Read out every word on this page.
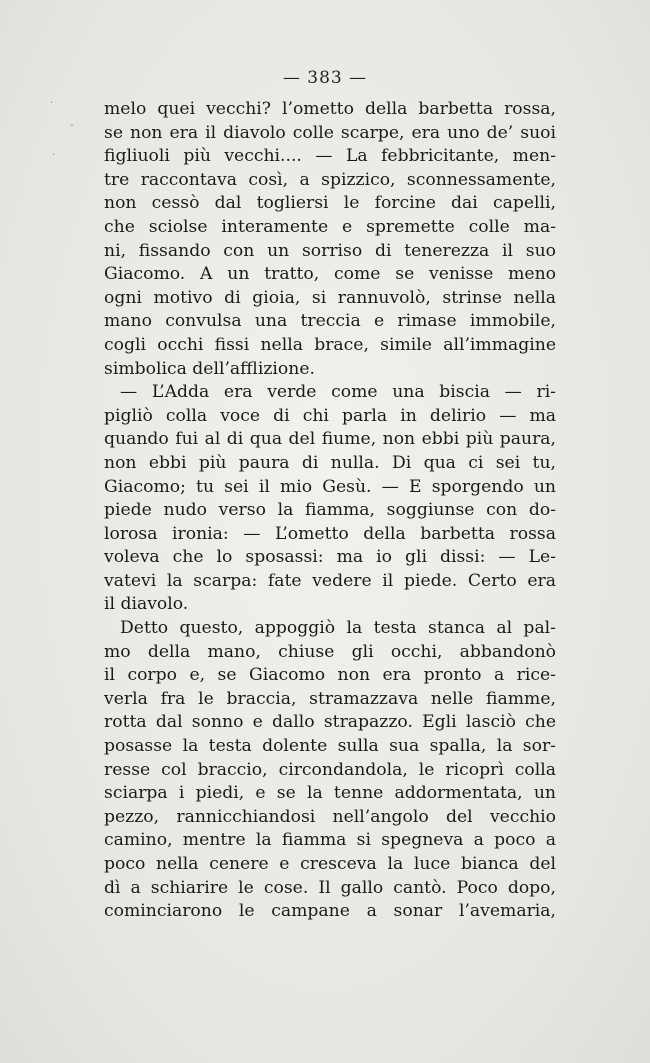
·
·
-
— 383 —
melo quei vecchi? l’ometto della barbetta rossa,
se non era il diavolo colle scarpe, era uno de’ suoi
figliuoli più vecchi.... — La febbricitante, men-
tre raccontava così, a spizzico, sconnessamente,
non cessò dal togliersi le forcine dai capelli,
che sciolse interamente e spremette colle ma-
ni, fissando con un sorriso di tenerezza il suo
Giacomo. A un tratto, come se venisse meno
ogni motivo di gioia, si rannuvolò, strinse nella
mano convulsa una treccia e rimase immobile,
cogli occhi fissi nella brace, simile all’immagine
simbolica dell’afflizione.
— L’Adda era verde come una biscia — ri-
pigliò colla voce di chi parla in delirio — ma
quando fui al di qua del fiume, non ebbi più paura,
non ebbi più paura di nulla. Di qua ci sei tu,
Giacomo; tu sei il mio Gesù. — E sporgendo un
piede nudo verso la fiamma, soggiunse con do-
lorosa ironia: — L’ometto della barbetta rossa
voleva che lo sposassi: ma io gli dissi: — Le-
vatevi la scarpa: fate vedere il piede. Certo era
il diavolo.
Detto questo, appoggiò la testa stanca al pal-
mo della mano, chiuse gli occhi, abbandonò
il corpo e, se Giacomo non era pronto a rice-
verla fra le braccia, stramazzava nelle fiamme,
rotta dal sonno e dallo strapazzo. Egli lasciò che
posasse la testa dolente sulla sua spalla, la sor-
resse col braccio, circondandola, le ricoprì colla
sciarpa i piedi, e se la tenne addormentata, un
pezzo, rannicchiandosi nell’angolo del vecchio
camino, mentre la fiamma si spegneva a poco a
poco nella cenere e cresceva la luce bianca del
dì a schiarire le cose. Il gallo cantò. Poco dopo,
cominciarono le campane a sonar l’avemaria,
